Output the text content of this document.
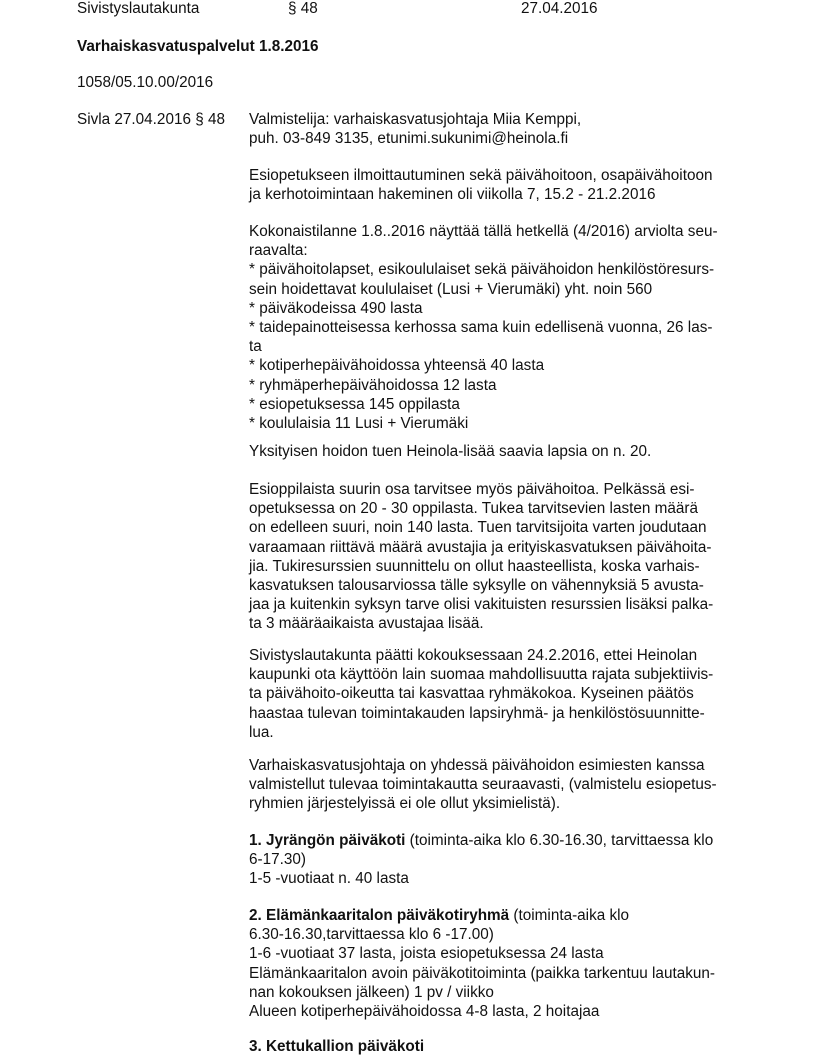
Sivistyslautakunta	§ 48	27.04.2016
Varhaiskasvatuspalvelut 1.8.2016
1058/05.10.00/2016
Sivla 27.04.2016 § 48 Valmistelija: varhaiskasvatusjohtaja Miia Kemppi,
puh. 03-849 3135, etunimi.sukunimi@heinola.fi
Esiopetukseen ilmoittautuminen sekä päivähoitoon, osapäivähoitoon
ja kerhotoimintaan hakeminen oli viikolla 7, 15.2 - 21.2.2016
Kokonaistilanne 1.8..2016 näyttää tällä hetkellä (4/2016) arviolta seu-
raavalta:
* päivähoitolapset, esikoululaiset sekä päivähoidon henkilöstöresurs-
sein hoidettavat koululaiset (Lusi + Vierumäki) yht. noin 560
* päiväkodeissa 490 lasta
* taidepainotteisessa kerhossa sama kuin edellisenä vuonna, 26 las-
ta
* kotiperhepäivähoidossa yhteensä 40 lasta
* ryhmäperhepäivähoidossa 12 lasta
* esiopetuksessa 145 oppilasta
* koululaisia 11 Lusi + Vierumäki
Yksityisen hoidon tuen Heinola-lisää saavia lapsia on n. 20.
Esioppilaista suurin osa tarvitsee myös päivähoitoa. Pelkässä esi-
opetuksessa on 20 - 30 oppilasta. Tukea tarvitsevien lasten määrä
on edelleen suuri, noin 140 lasta. Tuen tarvitsijoita varten joudutaan
varaamaan riittävä määrä avustajia ja erityiskasvatuksen päivähoita-
jia. Tukiresurssien suunnittelu on ollut haasteellista, koska varhais-
kasvatuksen talousarviossa tälle syksylle on vähennyksiä 5 avusta-
jaa ja kuitenkin syksyn tarve olisi vakituisten resurssien lisäksi palka-
ta 3 määräaikaista avustajaa lisää.
Sivistyslautakunta päätti kokouksessaan 24.2.2016, ettei Heinolan
kaupunki ota käyttöön lain suomaa mahdollisuutta rajata subjektiivis-
ta päivähoito-oikeutta tai kasvattaa ryhmäkokoa. Kyseinen päätös
haastaa tulevan toimintakauden lapsiryhmä- ja henkilöstösuunnitte-
lua.
Varhaiskasvatusjohtaja on yhdessä päivähoidon esimiesten kanssa
valmistellut tulevaa toimintakautta seuraavasti, (valmistelu esiopetus-
ryhmien järjestelyissä ei ole ollut yksimielistä).
1. Jyrängön päiväkoti (toiminta-aika klo 6.30-16.30, tarvittaessa klo
6-17.30)
1-5 -vuotiaat n. 40 lasta
2. Elämänkaaritalon päiväkotiryhmä (toiminta-aika klo
6.30-16.30,tarvittaessa klo 6 -17.00)
1-6 -vuotiaat 37 lasta, joista esiopetuksessa 24 lasta
Elämänkaaritalon avoin päiväkotitoiminta (paikka tarkentuu lautakun-
nan kokouksen jälkeen) 1 pv / viikko
Alueen kotiperhepäivähoidossa 4-8 lasta, 2 hoitajaa
3. Kettukallion päiväkoti
